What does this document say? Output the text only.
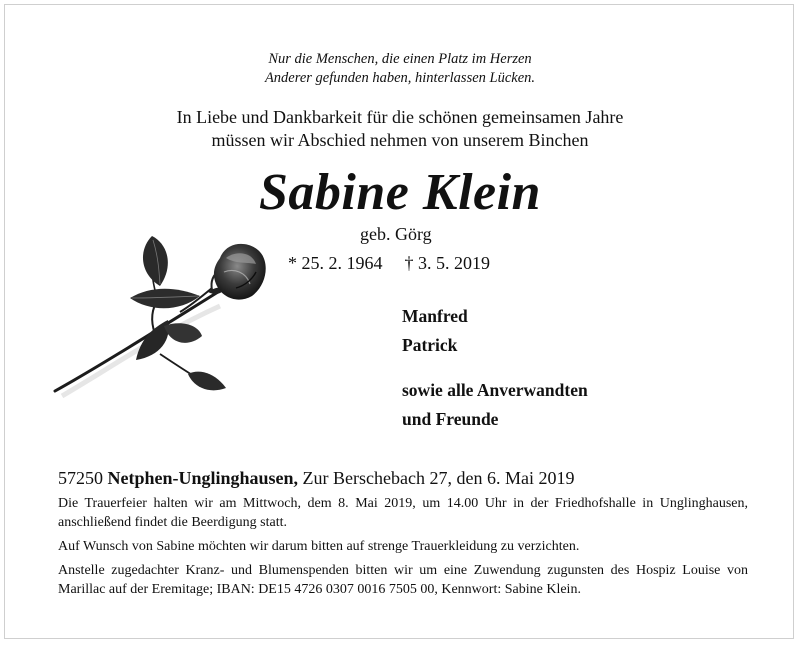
Nur die Menschen, die einen Platz im Herzen
Anderer gefunden haben, hinterlassen Lücken.
In Liebe und Dankbarkeit für die schönen gemeinsamen Jahre
müssen wir Abschied nehmen von unserem Binchen
Sabine Klein
geb. Görg
* 25. 2. 1964 † 3. 5. 2019
Manfred
Patrick
sowie alle Anverwandten
und Freunde
57250 Netphen-Unglinghausen, Zur Berschebach 27, den 6. Mai 2019
Die Trauerfeier halten wir am Mittwoch, dem 8. Mai 2019, um 14.00 Uhr in der Friedhofshalle in Unglinghausen, anschließend findet die Beerdigung statt.
Auf Wunsch von Sabine möchten wir darum bitten auf strenge Trauerkleidung zu verzichten.
Anstelle zugedachter Kranz- und Blumenspenden bitten wir um eine Zuwendung zugunsten des Hospiz Louise von Marillac auf der Eremitage; IBAN: DE15 4726 0307 0016 7505 00, Kennwort: Sabine Klein.
